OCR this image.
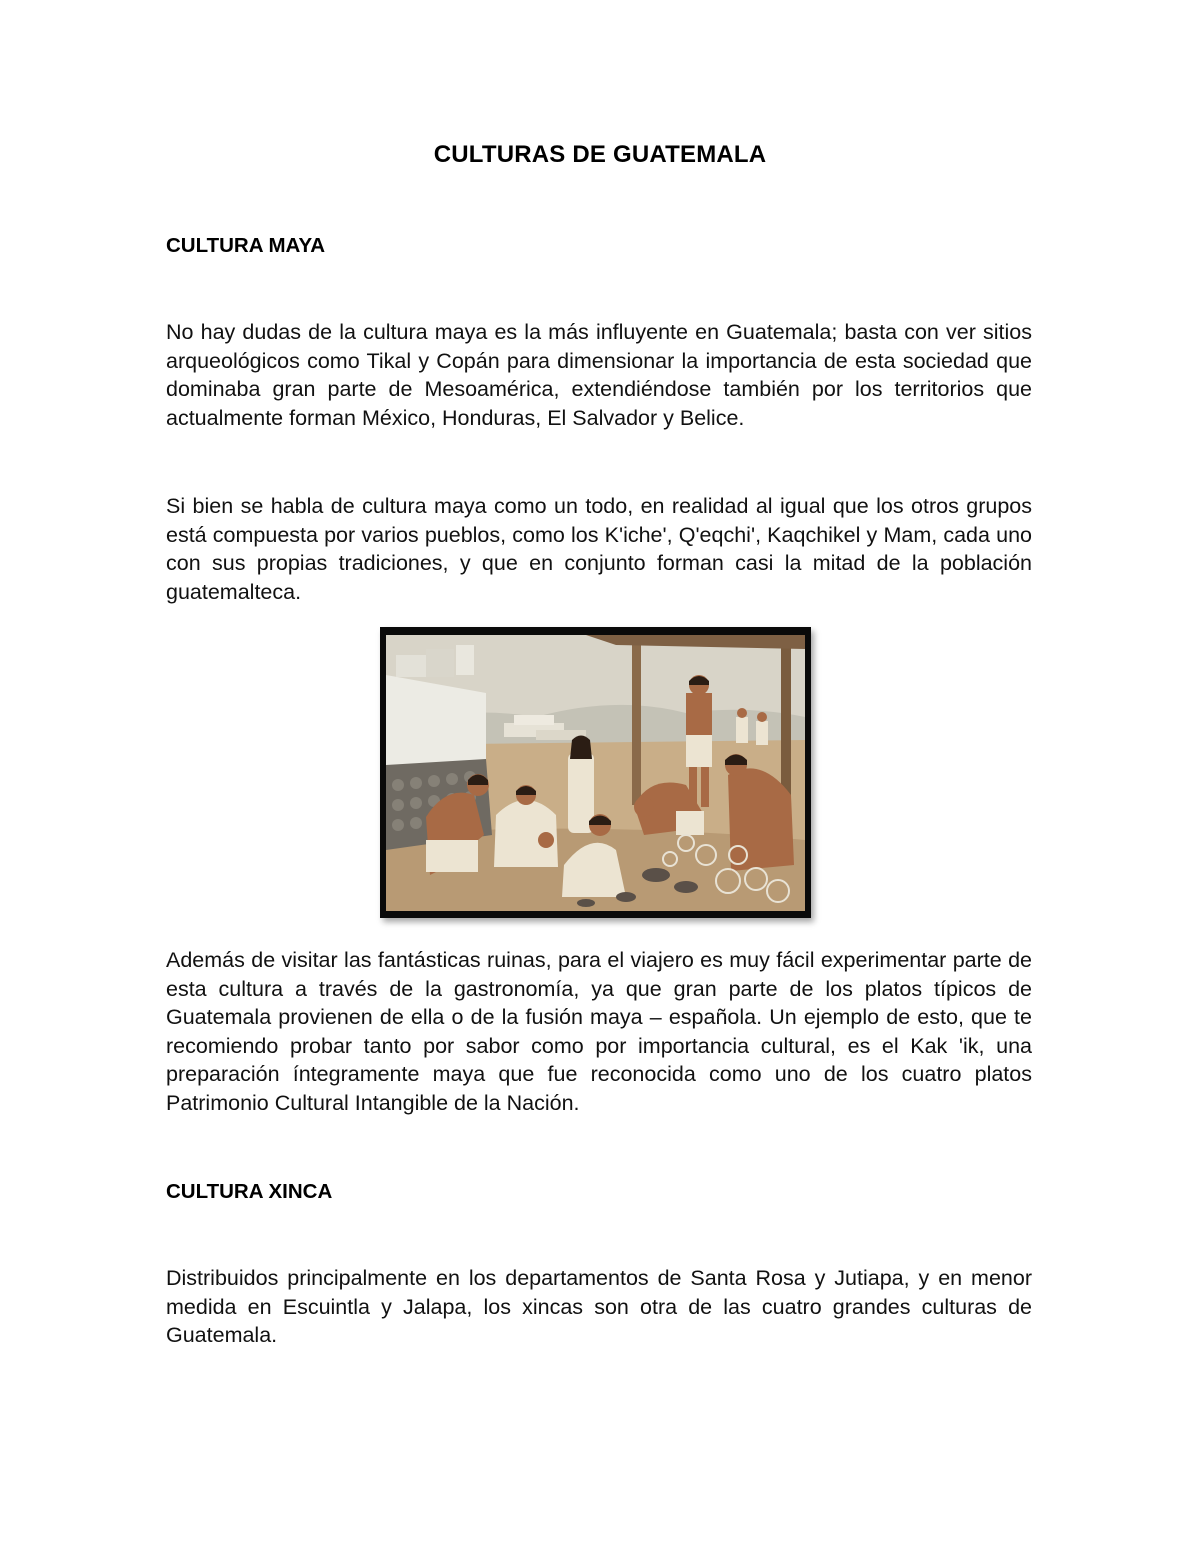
CULTURAS DE GUATEMALA
CULTURA MAYA

No hay dudas de la cultura maya es la más influyente en Guatemala; basta con ver sitios arqueológicos como Tikal y Copán para dimensionar la importancia de esta sociedad que dominaba gran parte de Mesoamérica, extendiéndose también por los territorios que actualmente forman México, Honduras, El Salvador y Belice.

Si bien se habla de cultura maya como un todo, en realidad al igual que los otros grupos está compuesta por varios pueblos, como los K'iche', Q'eqchi', Kaqchikel y Mam, cada uno con sus propias tradiciones, y que en conjunto forman casi la mitad de la población guatemalteca.

Además de visitar las fantásticas ruinas, para el viajero es muy fácil experimentar parte de esta cultura a través de la gastronomía, ya que gran parte de los platos típicos de Guatemala provienen de ella o de la fusión maya – española. Un ejemplo de esto, que te recomiendo probar tanto por sabor como por importancia cultural, es el Kak 'ik, una preparación íntegramente maya que fue reconocida como uno de los cuatro platos Patrimonio Cultural Intangible de la Nación.

CULTURA XINCA

Distribuidos principalmente en los departamentos de Santa Rosa y Jutiapa, y en menor medida en Escuintla y Jalapa, los xincas son otra de las cuatro grandes culturas de Guatemala.
